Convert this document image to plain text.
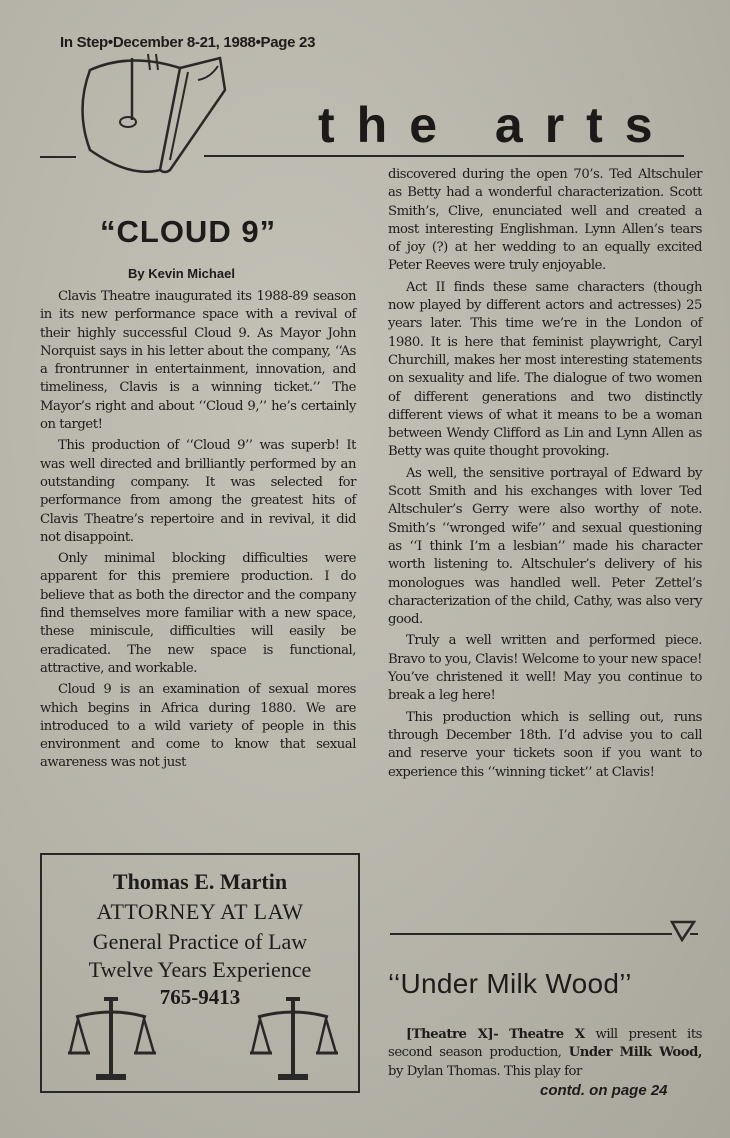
In Step•December 8-21, 1988•Page 23
the arts
“CLOUD 9”
By Kevin Michael

Clavis Theatre inaugurated its 1988-89 season in its new performance space with a revival of their highly successful Cloud 9. As Mayor John Norquist says in his letter about the company, ‘‘As a frontrunner in entertainment, innovation, and timeliness, Clavis is a winning ticket.’’ The Mayor’s right and about ‘‘Cloud 9,’’ he’s certainly on target!

This production of ‘‘Cloud 9’’ was superb! It was well directed and brilliantly performed by an outstanding company. It was selected for performance from among the greatest hits of Clavis Theatre’s repertoire and in revival, it did not disappoint.

Only minimal blocking difficulties were apparent for this premiere production. I do believe that as both the director and the company find themselves more familiar with a new space, these miniscule, difficulties will easily be eradicated. The new space is functional, attractive, and workable.

Cloud 9 is an examination of sexual mores which begins in Africa during 1880. We are introduced to a wild variety of people in this environment and come to know that sexual awareness was not just

discovered during the open 70’s. Ted Altschuler as Betty had a wonderful characterization. Scott Smith’s, Clive, enunciated well and created a most interesting Englishman. Lynn Allen’s tears of joy (?) at her wedding to an equally excited Peter Reeves were truly enjoyable.

Act II finds these same characters (though now played by different actors and actresses) 25 years later. This time we’re in the London of 1980. It is here that feminist playwright, Caryl Churchill, makes her most interesting statements on sexuality and life. The dialogue of two women of different generations and two distinctly different views of what it means to be a woman between Wendy Clifford as Lin and Lynn Allen as Betty was quite thought provoking.

As well, the sensitive portrayal of Edward by Scott Smith and his exchanges with lover Ted Altschuler’s Gerry were also worthy of note. Smith’s ‘‘wronged wife’’ and sexual questioning as ‘‘I think I’m a lesbian’’ made his character worth listening to. Altschuler’s delivery of his monologues was handled well. Peter Zettel’s characterization of the child, Cathy, was also very good.

Truly a well written and performed piece. Bravo to you, Clavis! Welcome to your new space! You’ve christened it well! May you continue to break a leg here!

This production which is selling out, runs through December 18th. I’d advise you to call and reserve your tickets soon if you want to experience this ‘‘winning ticket’’ at Clavis!

Thomas E. Martin
ATTORNEY AT LAW
General Practice of Law
Twelve Years Experience
765-9413	‘‘Under Milk Wood’’

[Theatre X]- Theatre X will present its second season production, Under Milk Wood, by Dylan Thomas. This play for

contd. on page 24
